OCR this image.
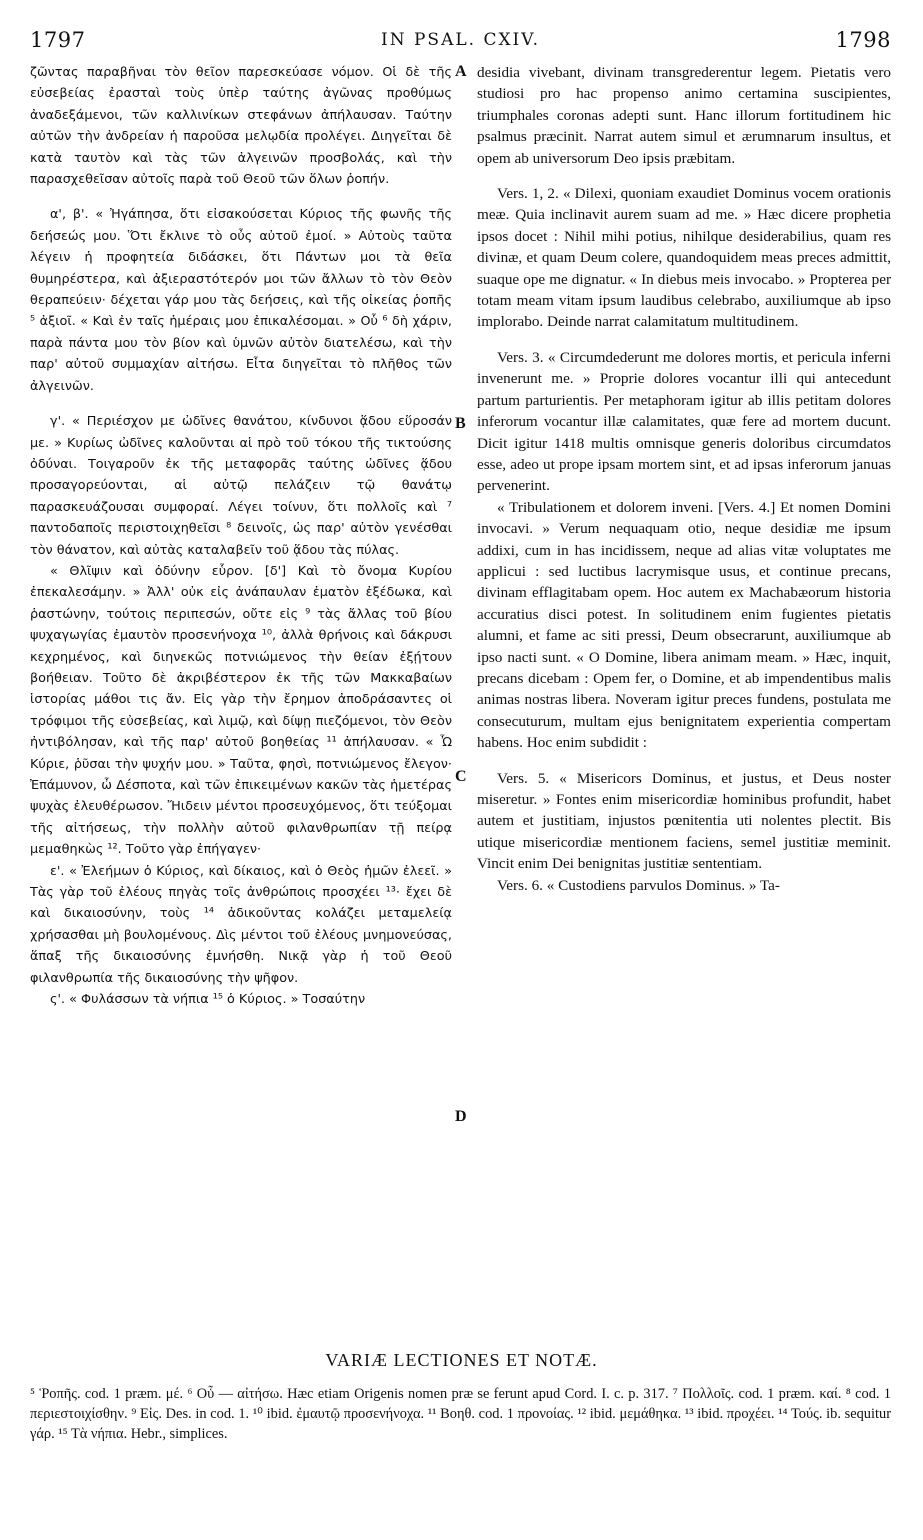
1797	IN PSAL. CXIV.	1798

ζῶντας παραβῆναι τὸν θεῖον παρεσκεύασε νόμον. Οἱ δὲ τῆς εὐσεβείας ἐρασταὶ τοὺς ὑπὲρ ταύτης ἀγῶνας προθύμως ἀναδεξάμενοι, τῶν καλλινίκων στεφάνων ἀπήλαυσαν. Ταύτην αὐτῶν τὴν ἀνδρείαν ἡ παροῦσα μελῳδία προλέγει. Διηγεῖται δὲ κατὰ ταυτὸν καὶ τὰς τῶν ἀλγεινῶν προσβολάς, καὶ τὴν παρασχεθεῖσαν αὐτοῖς παρὰ τοῦ Θεοῦ τῶν ὅλων ῥοπήν.

α', β'. « Ἠγάπησα, ὅτι εἰσακούσεται Κύριος τῆς φωνῆς τῆς δεήσεώς μου. Ὅτι ἔκλινε τὸ οὖς αὐτοῦ ἐμοί. » Αὐτοὺς ταῦτα λέγειν ἡ προφητεία διδάσκει, ὅτι Πάντων μοι τὰ θεῖα θυμηρέστερα, καὶ ἀξιεραστότερόν μοι τῶν ἄλλων τὸ τὸν Θεὸν θεραπεύειν· δέχεται γάρ μου τὰς δεήσεις, καὶ τῆς οἰκείας ῥοπῆς ⁵ ἀξιοῖ. « Καὶ ἐν ταῖς ἡμέραις μου ἐπικαλέσομαι. » Οὗ ⁶ δὴ χάριν, παρὰ πάντα μου τὸν βίον καὶ ὑμνῶν αὐτὸν διατελέσω, καὶ τὴν παρ' αὐτοῦ συμμαχίαν αἰτήσω. Εἶτα διηγεῖται τὸ πλῆθος τῶν ἀλγεινῶν.

γ'. « Περιέσχον με ὠδῖνες θανάτου, κίνδυνοι ᾅδου εὕροσάν με. » Κυρίως ὠδῖνες καλοῦνται αἱ πρὸ τοῦ τόκου τῆς τικτούσης ὀδύναι. Τοιγαροῦν ἐκ τῆς μεταφορᾶς ταύτης ὠδῖνες ᾅδου προσαγορεύονται, αἱ αὐτῷ πελάζειν τῷ θανάτῳ παρασκευάζουσαι συμφοραί. Λέγει τοίνυν, ὅτι πολλοῖς καὶ ⁷ παντοδαποῖς περιστοιχηθεῖσι ⁸ δεινοῖς, ὡς παρ' αὐτὸν γενέσθαι τὸν θάνατον, καὶ αὐτὰς καταλαβεῖν τοῦ ᾅδου τὰς πύλας.

« Θλῖψιν καὶ ὀδύνην εὗρον. [δ'] Καὶ τὸ ὄνομα Κυρίου ἐπεκαλεσάμην. » Ἀλλ' οὐκ εἰς ἀνάπαυλαν ἐματὸν ἐξέδωκα, καὶ ῥαστώνην, τούτοις περιπεσών, οὔτε εἰς ⁹ τὰς ἄλλας τοῦ βίου ψυχαγωγίας ἐμαυτὸν προσενήνοχα ¹⁰, ἀλλὰ θρήνοις καὶ δάκρυσι κεχρημένος, καὶ διηνεκῶς ποτνιώμενος τὴν θείαν ἐξῄτουν βοήθειαν. Τοῦτο δὲ ἀκριβέστερον ἐκ τῆς τῶν Μακκαβαίων ἱστορίας μάθοι τις ἄν. Εἰς γὰρ τὴν ἔρημον ἀποδράσαντες οἱ τρόφιμοι τῆς εὐσεβείας, καὶ λιμῷ, καὶ δίψῃ πιεζόμενοι, τὸν Θεὸν ἠντιβόλησαν, καὶ τῆς παρ' αὐτοῦ βοηθείας ¹¹ ἀπήλαυσαν. « Ὦ Κύριε, ῥῦσαι τὴν ψυχήν μου. » Ταῦτα, φησὶ, ποτνιώμενος ἔλεγον· Ἐπάμυνον, ὦ Δέσποτα, καὶ τῶν ἐπικειμένων κακῶν τὰς ἡμετέρας ψυχὰς ἐλευθέρωσον. Ἤιδειν μέντοι προσευχόμενος, ὅτι τεύξομαι τῆς αἰτήσεως, τὴν πολλὴν αὐτοῦ φιλανθρωπίαν τῇ πείρᾳ μεμαθηκὼς ¹². Τοῦτο γὰρ ἐπήγαγεν·

ε'. « Ἐλεήμων ὁ Κύριος, καὶ δίκαιος, καὶ ὁ Θεὸς ἡμῶν ἐλεεῖ. » Τὰς γὰρ τοῦ ἐλέους πηγὰς τοῖς ἀνθρώποις προσχέει ¹³· ἔχει δὲ καὶ δικαιοσύνην, τοὺς ¹⁴ ἀδικοῦντας κολάζει μεταμελείᾳ χρήσασθαι μὴ βουλομένους. Δὶς μέντοι τοῦ ἐλέους μνημονεύσας, ἅπαξ τῆς δικαιοσύνης ἐμνήσθη. Νικᾷ γὰρ ἡ τοῦ Θεοῦ φιλανθρωπία τῆς δικαιοσύνης τὴν ψῆφον.

ς'. « Φυλάσσων τὰ νήπια ¹⁵ ὁ Κύριος. » Τοσαύτην

A
B
C
D

desidia vivebant, divinam transgrederentur legem. Pietatis vero studiosi pro hac propenso animo certamina suscipientes, triumphales coronas adepti sunt. Hanc illorum fortitudinem hic psalmus præcinit. Narrat autem simul et ærumnarum insultus, et opem ab universorum Deo ipsis præbitam.

Vers. 1, 2. « Dilexi, quoniam exaudiet Dominus vocem orationis meæ. Quia inclinavit aurem suam ad me. » Hæc dicere prophetia ipsos docet : Nihil mihi potius, nihilque desiderabilius, quam res divinæ, et quam Deum colere, quandoquidem meas preces admittit, suaque ope me dignatur. « In diebus meis invocabo. » Propterea per totam meam vitam ipsum laudibus celebrabo, auxiliumque ab ipso implorabo. Deinde narrat calamitatum multitudinem.

Vers. 3. « Circumdederunt me dolores mortis, et pericula inferni invenerunt me. » Proprie dolores vocantur illi qui antecedunt partum parturientis. Per metaphoram igitur ab illis petitam dolores inferorum vocantur illæ calamitates, quæ fere ad mortem ducunt. Dicit igitur 1418 multis omnisque generis doloribus circumdatos esse, adeo ut prope ipsam mortem sint, et ad ipsas inferorum januas pervenerint.

« Tribulationem et dolorem inveni. [Vers. 4.] Et nomen Domini invocavi. » Verum nequaquam otio, neque desidiæ me ipsum addixi, cum in has incidissem, neque ad alias vitæ voluptates me applicui : sed luctibus lacrymisque usus, et continue precans, divinam efflagitabam opem. Hoc autem ex Machabæorum historia accuratius disci potest. In solitudinem enim fugientes pietatis alumni, et fame ac siti pressi, Deum obsecrarunt, auxiliumque ab ipso nacti sunt. « O Domine, libera animam meam. » Hæc, inquit, precans dicebam : Opem fer, o Domine, et ab impendentibus malis animas nostras libera. Noveram igitur preces fundens, postulata me consecuturum, multam ejus benignitatem experientia compertam habens. Hoc enim subdidit :

Vers. 5. « Misericors Dominus, et justus, et Deus noster miseretur. » Fontes enim misericordiæ hominibus profundit, habet autem et justitiam, injustos pœnitentia uti nolentes plectit. Bis utique misericordiæ mentionem faciens, semel justitiæ meminit. Vincit enim Dei benignitas justitiæ sententiam.

Vers. 6. « Custodiens parvulos Dominus. » Ta-

VARIÆ LECTIONES ET NOTÆ.
⁵ Ῥοπῆς. cod. 1 præm. μέ. ⁶ Οὗ — αἰτήσω. Hæc etiam Origenis nomen præ se ferunt apud Cord. I. c. p. 317. ⁷ Πολλοῖς. cod. 1 præm. καί. ⁸ cod. 1 περιεστοιχίσθην. ⁹ Εἰς. Des. in cod. 1. ¹⁰ ibid. ἐμαυτῷ προσενήνοχα. ¹¹ Βοηθ. cod. 1 προνοίας. ¹² ibid. μεμάθηκα. ¹³ ibid. προχέει. ¹⁴ Τούς. ib. sequitur γάρ. ¹⁵ Τὰ νήπια. Hebr., simplices.
